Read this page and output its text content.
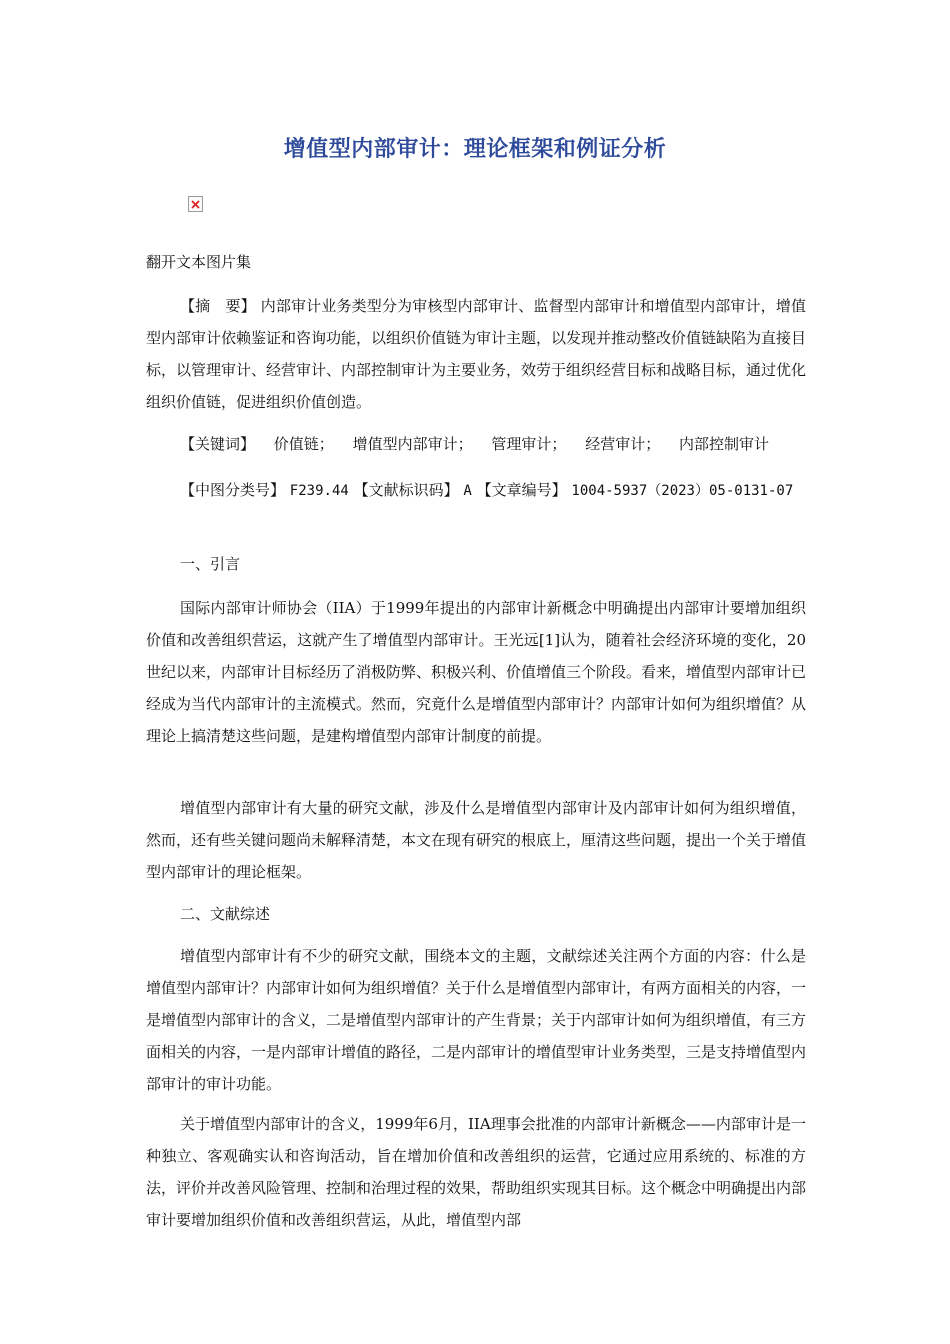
增值型内部审计：理论框架和例证分析
翻开文本图片集
【摘　要】 内部审计业务类型分为审核型内部审计、监督型内部审计和增值型内部审计，增值型内部审计依赖鉴证和咨询功能，以组织价值链为审计主题，以发现并推动整改价值链缺陷为直接目标，以管理审计、经营审计、内部控制审计为主要业务，效劳于组织经营目标和战略目标，通过优化组织价值链，促进组织价值创造。
【关键词】 价值链； 增值型内部审计； 管理审计； 经营审计； 内部控制审计
【中图分类号】 F239.44 【文献标识码】 A 【文章编号】 1004-5937（2023）05-0131-07
一、引言
国际内部审计师协会（IIA）于1999年提出的内部审计新概念中明确提出内部审计要增加组织价值和改善组织营运，这就产生了增值型内部审计。王光远[1]认为，随着社会经济环境的变化，20世纪以来，内部审计目标经历了消极防弊、积极兴利、价值增值三个阶段。看来，增值型内部审计已经成为当代内部审计的主流模式。然而，究竟什么是增值型内部审计？内部审计如何为组织增值？从理论上搞清楚这些问题，是建构增值型内部审计制度的前提。
增值型内部审计有大量的研究文献，涉及什么是增值型内部审计及内部审计如何为组织增值，然而，还有些关键问题尚未解释清楚，本文在现有研究的根底上，厘清这些问题，提出一个关于增值型内部审计的理论框架。
二、文献综述
增值型内部审计有不少的研究文献，围绕本文的主题，文献综述关注两个方面的内容：什么是增值型内部审计？内部审计如何为组织增值？关于什么是增值型内部审计，有两方面相关的内容，一是增值型内部审计的含义，二是增值型内部审计的产生背景；关于内部审计如何为组织增值，有三方面相关的内容，一是内部审计增值的路径，二是内部审计的增值型审计业务类型，三是支持增值型内部审计的审计功能。
关于增值型内部审计的含义，1999年6月，IIA理事会批准的内部审计新概念——内部审计是一种独立、客观确实认和咨询活动，旨在增加价值和改善组织的运营，它通过应用系统的、标准的方法，评价并改善风险管理、控制和治理过程的效果，帮助组织实现其目标。这个概念中明确提出内部审计要增加组织价值和改善组织营运，从此，增值型内部
